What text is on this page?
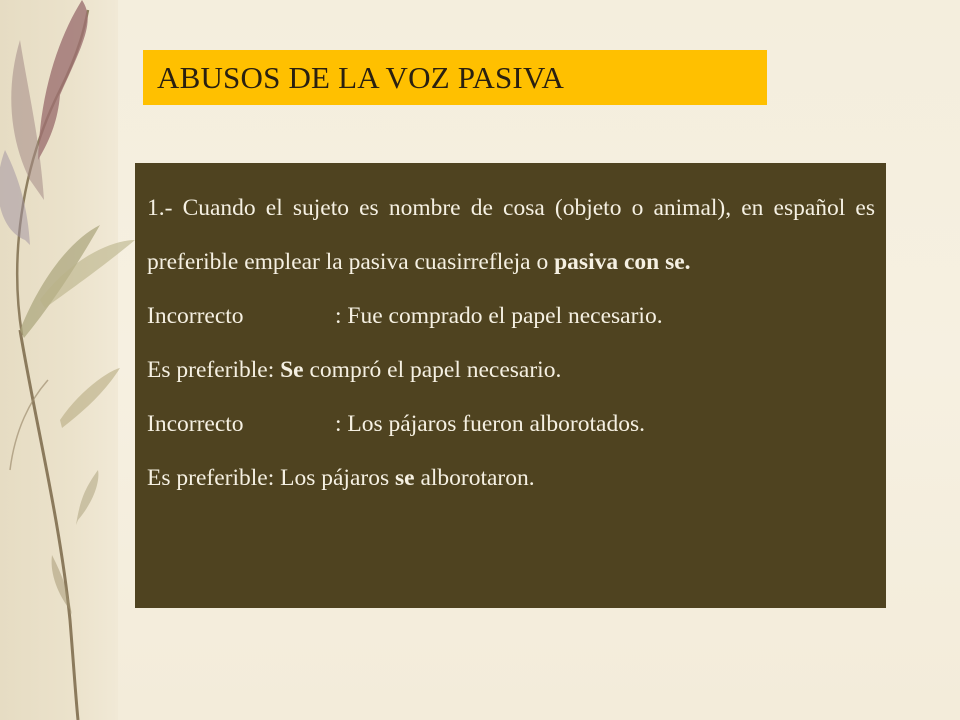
ABUSOS DE LA VOZ PASIVA

1.- Cuando el sujeto es nombre de cosa (objeto o animal), en español es preferible emplear la pasiva cuasirrefleja o pasiva con se.

Incorrecto	: Fue comprado el papel necesario.

Es preferible: Se compró el papel necesario.

Incorrecto	: Los pájaros fueron alborotados.

Es preferible: Los pájaros se alborotaron.
